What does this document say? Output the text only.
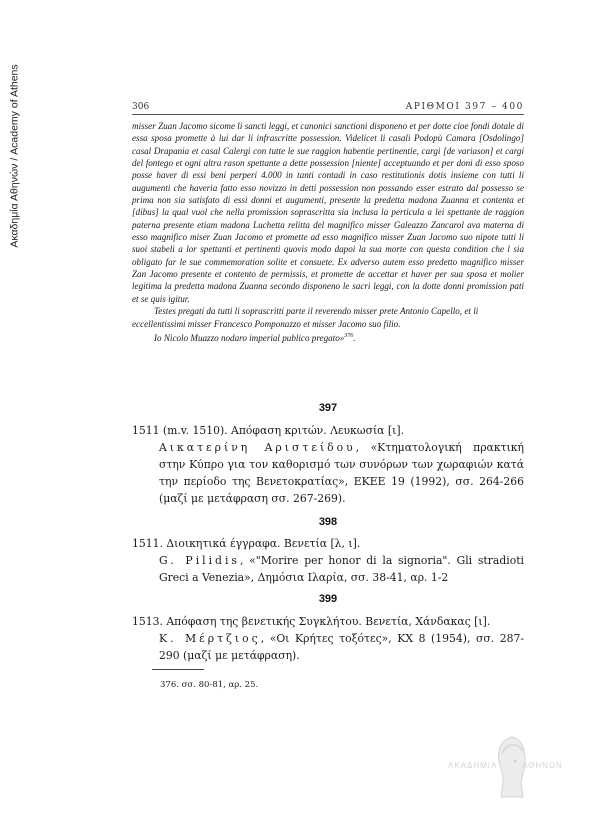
Ακαδημία Αθηνών / Academy of Athens	306	ΑΡΙΘΜΟΙ 397 – 400

misser Zuan Jacomo sicome li sancti leggi, et canonici sanctioni disponeno et per dotte cioe fondi dotale di essa sposa promette à lui dar li infrascritte possession. Videlicet li casali Podopù Camara [Osdolingo] casal Drapania et casal Calergi con tutte le sue raggion habentie pertinentie, cargi [de variason] et cargi del fontego et ogni altra rason spettante a dette possession [niente] acceptuando et per doni di esso sposo posse haver di essi beni perperi 4.000 in tanti contadi in caso restitutionis dotis insieme con tutti li augumenti che haveria fatto esso novizzo in detti possession non possando esser estrato dal possesso se prima non sia satisfato di essi donni et augumenti, presente la predetta madona Zuanna et contenta et [dibus] la qual vuol che nella promission soprascritta sia inclusa la perticula a lei spettante de raggion paterna presente etiam madona Luchetta relitta del magnifico misser Galeazzo Zancarol ava materna di esso magnifico miser Zuan Jacomo et promette ad esso magnifico misser Zuan Jacomo suo nipote tutti li suoi stabeli a lor spettanti et pertinenti quovis modo dapoi la sua morte con questa condition che l sia obligato far le sue commemoration solite et consuete. Ex adverso autem esso predetto magnifico misser Zan Jacomo presente et contento de permissis, et promette de accettar et haver per sua sposa et molier legitima la predetta madona Zuanna secondo disponeno le sacri leggi, con la dotte donni promission pati et se quis igitur.

Testes pregati da tutti li soprascritti parte il reverendo misser prete Antonio Capello, et li eccellentissimi misser Francesco Pomponazzo et misser Jacomo suo filio.

Io Nicolo Muazzo nodaro imperial publico pregato»$^{376}$.

397

1511 (m.v. 1510). Απόφαση κριτών. Λευκωσία [ι].

Αικατερίνη Αριστείδου, «Κτηματολογική πρακτική στην Κύπρο για τον καθορισμό των συνόρων των χωραφιών κατά την περίοδο της Βενετοκρατίας», ΕΚΕΕ 19 (1992), σσ. 264-266 (μαζί με μετάφραση σσ. 267-269).

398

1511. Διοικητικά έγγραφα. Βενετία [λ, ι].

G. Pilidis, «"Morire per honor di la signoria". Gli stradioti Greci a Venezia», Δημόσια Ιλαρία, σσ. 38-41, αρ. 1-2

399

1513. Απόφαση της βενετικής Συγκλήτου. Βενετία, Χάνδακας [ι].

Κ. Μέρτζιος, «Οι Κρήτες τοξότες», ΚΧ 8 (1954), σσ. 287-290 (μαζί με μετάφραση).

376. σσ. 80-81, αρ. 25.
ΑΚΑΔΗΜΙΑ	ΑΘΗΝΩΝ
